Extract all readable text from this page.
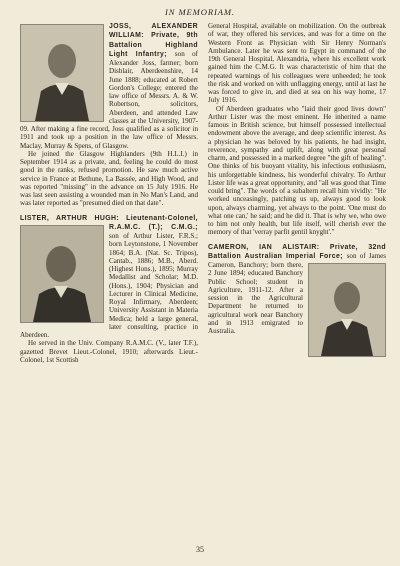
IN MEMORIAM.

JOSS, ALEXANDER WILLIAM: Private, 9th Battalion Highland Light Infantry; son of Alexander Joss, farmer; born Disblair, Aberdeenshire, 14 June 1888; educated at Robert Gordon's College; entered the law office of Messrs. A. & W. Robertson, solicitors, Aberdeen, and attended Law classes at the University, 1907-09. After making a fine record, Joss qualified as a solicitor in 1911 and took up a position in the law office of Messrs. Maclay, Murray & Spens, of Glasgow.

He joined the Glasgow Highlanders (9th H.L.I.) in September 1914 as a private, and, feeling he could do most good in the ranks, refused promotion. He saw much active service in France at Bethune, La Bassée, and High Wood, and was reported "missing" in the advance on 15 July 1916. He was last seen assisting a wounded man in No Man's Land, and was later reported as "presumed died on that date".

LISTER, ARTHUR HUGH: Lieutenant-Colonel, R.A.M.C. (T.); C.M.G.;
son of Arthur Lister, F.R.S.; born Leytonstone, 1 November 1864; B.A. (Nat. Sc. Tripos), Cantab., 1886; M.B., Aberd. (Highest Hons.), 1895; Murray Medallist and Scholar; M.D. (Hons.), 1904; Physician and Lecturer in Clinical Medicine, Royal Infirmary, Aberdeen; University Assistant in Materia Medica; held a large general, later consulting, practice in Aberdeen.

He served in the Univ. Company R.A.M.C. (V., later T.F.), gazetted Brevet Lieut.-Colonel, 1910; afterwards Lieut.-Colonel, 1st Scottish

General Hospital, available on mobilization. On the outbreak of war, they offered his services, and was for a time on the Western Front as Physician with Sir Henry Norman's Ambulance. Later he was sent to Egypt in command of the 19th General Hospital, Alexandria, where his excellent work gained him the C.M.G. It was characteristic of him that the repeated warnings of his colleagues were unheeded; he took the risk and worked on with unflagging energy, until at last he was forced to give in, and died at sea on his way home, 17 July 1916.

Of Aberdeen graduates who "laid their good lives down" Arthur Lister was the most eminent. He inherited a name famous in British science, but himself possessed intellectual endowment above the average, and deep scientific interest. As a physician he was beloved by his patients, he had insight, reverence, sympathy and uplift, along with great personal charm, and possessed in a marked degree "the gift of healing". One thinks of his buoyant vitality, his infectious enthusiasm, his unforgettable kindness, his wonderful chivalry. To Arthur Lister life was a great opportunity, and "all was good that Time could bring". The words of a subaltern recall him vividly: "He worked unceasingly, patching us up, always good to look upon, always charming, yet always to the point. 'One must do what one can,' he said; and he did it. That is why we, who owe to him not only health, but life itself, will cherish ever the memory of that 'verray parfit gentil knyght'."

CAMERON, IAN ALISTAIR: Private, 32nd Battalion Australian Imperial Force;
son of James Cameron, Banchory; born there, 2 June 1894; educated Banchory Public School; student in Agriculture, 1911-12. After a session in the Agricultural Department he returned to agricultural work near Banchory and in 1913 emigrated to Australia.

35
